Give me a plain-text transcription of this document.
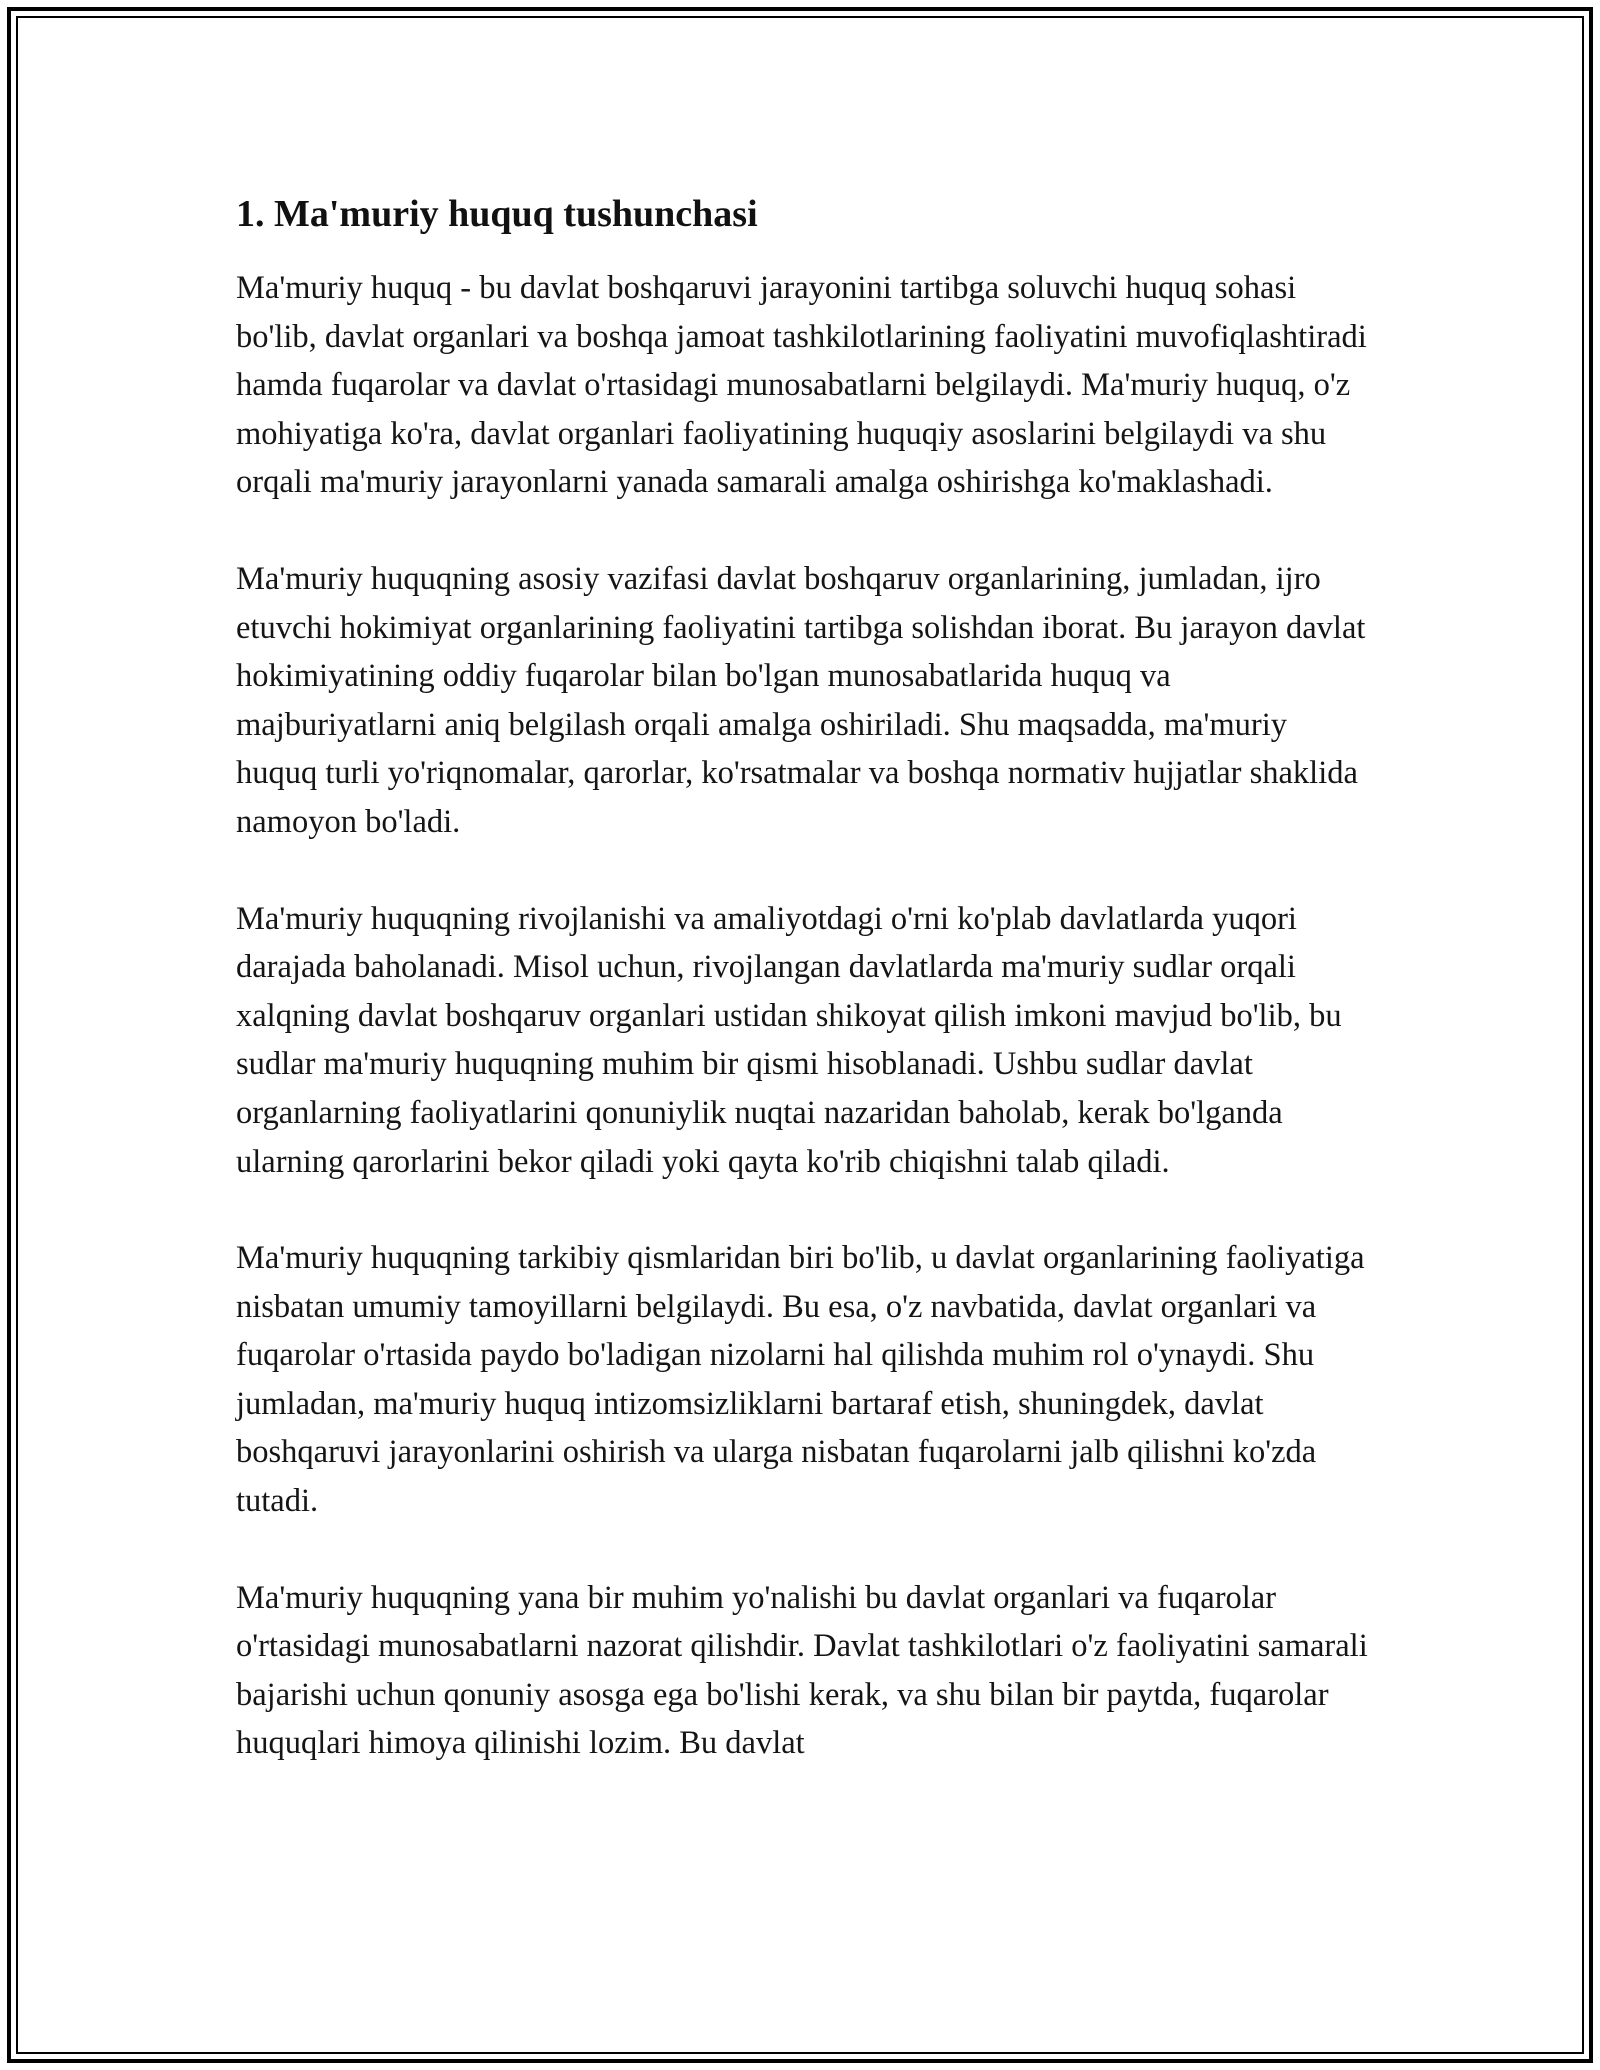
1. Ma'muriy huquq tushunchasi

Ma'muriy huquq - bu davlat boshqaruvi jarayonini tartibga soluvchi huquq sohasi bo'lib, davlat organlari va boshqa jamoat tashkilotlarining faoliyatini muvofiqlashtiradi hamda fuqarolar va davlat o'rtasidagi munosabatlarni belgilaydi. Ma'muriy huquq, o'z mohiyatiga ko'ra, davlat organlari faoliyatining huquqiy asoslarini belgilaydi va shu orqali ma'muriy jarayonlarni yanada samarali amalga oshirishga ko'maklashadi.

Ma'muriy huquqning asosiy vazifasi davlat boshqaruv organlarining, jumladan, ijro etuvchi hokimiyat organlarining faoliyatini tartibga solishdan iborat. Bu jarayon davlat hokimiyatining oddiy fuqarolar bilan bo'lgan munosabatlarida huquq va majburiyatlarni aniq belgilash orqali amalga oshiriladi. Shu maqsadda, ma'muriy huquq turli yo'riqnomalar, qarorlar, ko'rsatmalar va boshqa normativ hujjatlar shaklida namoyon bo'ladi.

Ma'muriy huquqning rivojlanishi va amaliyotdagi o'rni ko'plab davlatlarda yuqori darajada baholanadi. Misol uchun, rivojlangan davlatlarda ma'muriy sudlar orqali xalqning davlat boshqaruv organlari ustidan shikoyat qilish imkoni mavjud bo'lib, bu sudlar ma'muriy huquqning muhim bir qismi hisoblanadi. Ushbu sudlar davlat organlarning faoliyatlarini qonuniylik nuqtai nazaridan baholab, kerak bo'lganda ularning qarorlarini bekor qiladi yoki qayta ko'rib chiqishni talab qiladi.

Ma'muriy huquqning tarkibiy qismlaridan biri bo'lib, u davlat organlarining faoliyatiga nisbatan umumiy tamoyillarni belgilaydi. Bu esa, o'z navbatida, davlat organlari va fuqarolar o'rtasida paydo bo'ladigan nizolarni hal qilishda muhim rol o'ynaydi. Shu jumladan, ma'muriy huquq intizomsizliklarni bartaraf etish, shuningdek, davlat boshqaruvi jarayonlarini oshirish va ularga nisbatan fuqarolarni jalb qilishni ko'zda tutadi.

Ma'muriy huquqning yana bir muhim yo'nalishi bu davlat organlari va fuqarolar o'rtasidagi munosabatlarni nazorat qilishdir. Davlat tashkilotlari o'z faoliyatini samarali bajarishi uchun qonuniy asosga ega bo'lishi kerak, va shu bilan bir paytda, fuqarolar huquqlari himoya qilinishi lozim. Bu davlat
